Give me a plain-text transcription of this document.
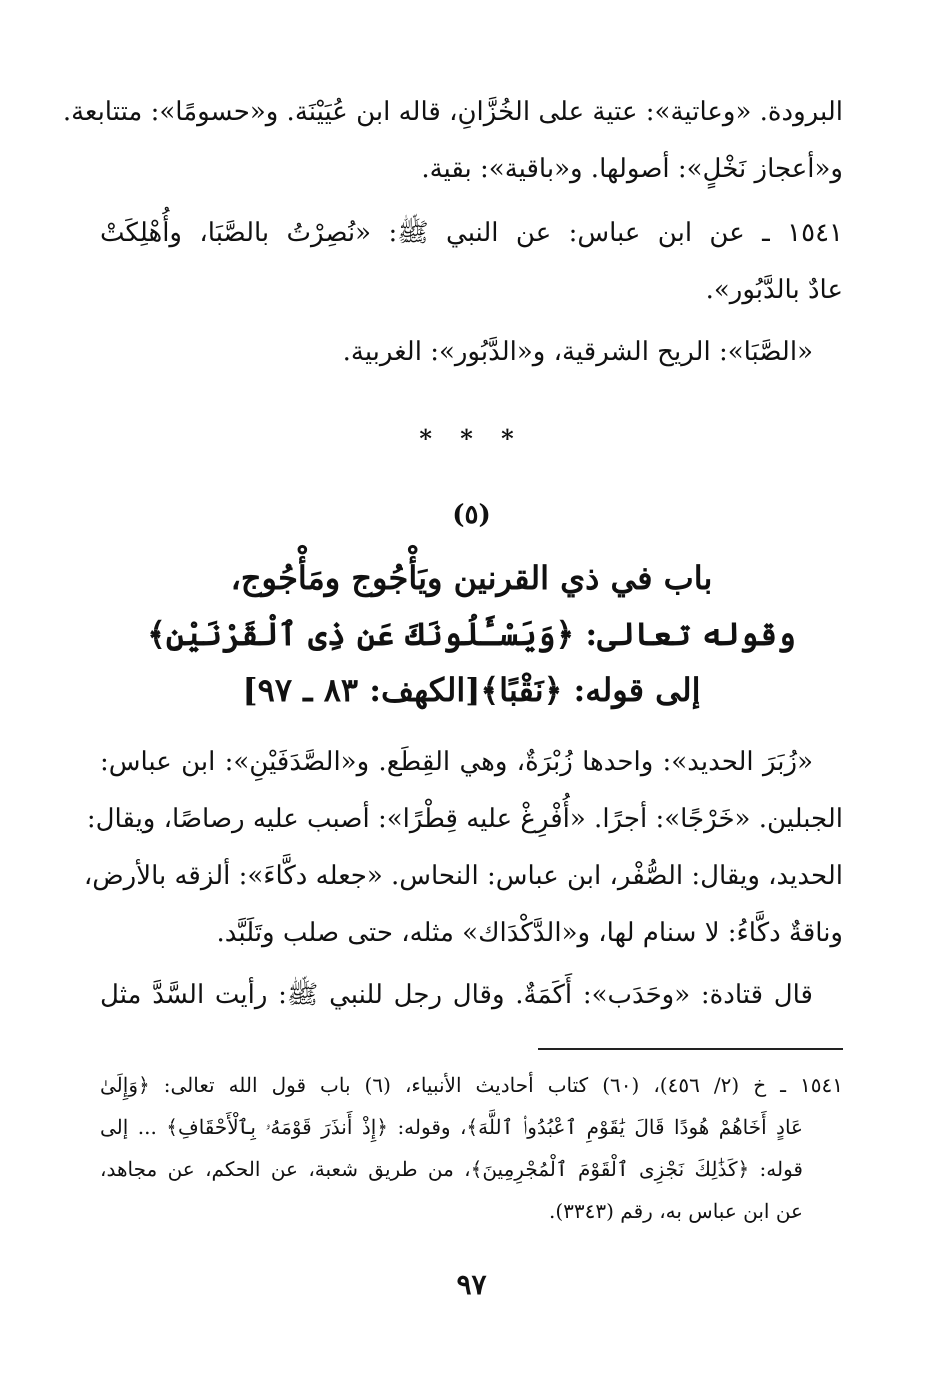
البرودة. «وعاتية»: عتية على الخُزَّانِ، قاله ابن عُيَيْنَة. و«حسومًا»: متتابعة.
و«أعجاز نَخْلٍ»: أصولها. و«باقية»: بقية.
١٥٤١ ـ عن ابن عباس: عن النبي ﷺ: «نُصِرْتُ بالصَّبَا، وأُهْلِكَتْ
عادٌ بالدَّبُور».
«الصَّبَا»: الريح الشرقية، و«الدَّبُور»: الغربية.
* * *
(٥)
باب في ذي القرنين ويَأْجُوج ومَأْجُوج،
وقوله تعالى: ﴿وَيَسْـَٔلُونَكَ عَن ذِى ٱلْقَرْنَيْنِ﴾
إلى قوله: ﴿نَقْبًا﴾[الكهف: ٨٣ ـ ٩٧]
«زُبَرَ الحديد»: واحدها زُبْرَةٌ، وهي القِطَع. و«الصَّدَفَيْنِ»: ابن عباس:
الجبلين. «خَرْجًا»: أجرًا. «أُفْرِغْ عليه قِطْرًا»: أصبب عليه رصاصًا، ويقال:
الحديد، ويقال: الصُّفْر، ابن عباس: النحاس. «جعله دكَّاءَ»: ألزقه بالأرض،
وناقةٌ دكَّاءُ: لا سنام لها، و«الدَّكْدَاك» مثله، حتى صلب وتَلَبَّد.
قال قتادة: «وحَدَب»: أَكَمَةٌ. وقال رجل للنبي ﷺ: رأيت السَّدَّ مثل
١٥٤١ ـ خ (٢/ ٤٥٦)، (٦٠) كتاب أحاديث الأنبياء، (٦) باب قول الله تعالى: ﴿وَإِلَىٰ
عَادٍ أَخَاهُمْ هُودًا قَالَ يَٰقَوْمِ ٱعْبُدُوا۟ ٱللَّهَ﴾، وقوله: ﴿إِذْ أَنذَرَ قَوْمَهُۥ بِٱلْأَحْقَافِ﴾ ... إلى
قوله: ﴿كَذَٰلِكَ نَجْزِى ٱلْقَوْمَ ٱلْمُجْرِمِينَ﴾، من طريق شعبة، عن الحكم، عن مجاهد،
عن ابن عباس به، رقم (٣٣٤٣).
٩٧
